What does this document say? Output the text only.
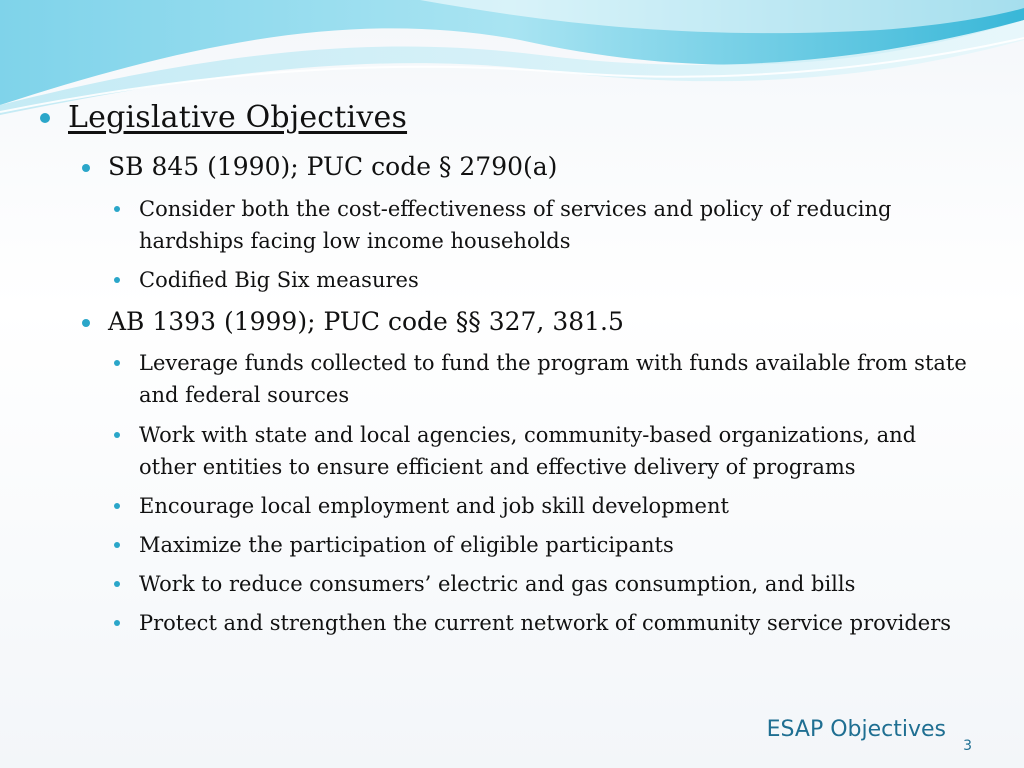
Legislative Objectives
SB 845 (1990); PUC code § 2790(a)
Consider both the cost-effectiveness of services and policy of reducing hardships facing low income households
Codified Big Six measures
AB 1393 (1999); PUC code §§ 327, 381.5
Leverage funds collected to fund the program with funds available from state and federal sources
Work with state and local agencies, community-based organizations, and other entities to ensure efficient and effective delivery of programs
Encourage local employment and job skill development
Maximize the participation of eligible participants
Work to reduce consumers’ electric and gas consumption, and bills
Protect and strengthen the current network of community service providers
ESAP Objectives
3
